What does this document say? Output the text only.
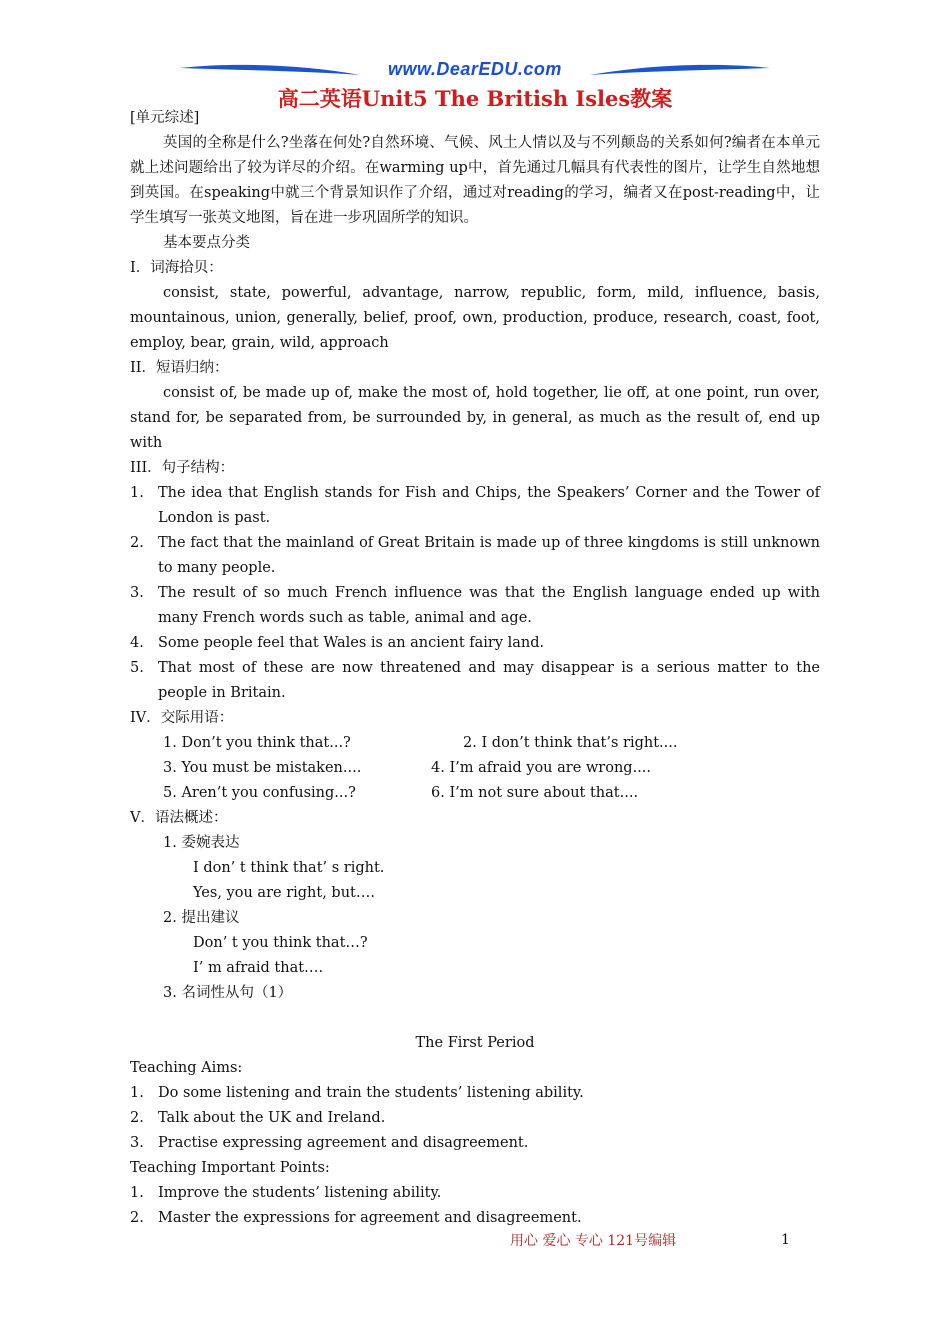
www.DearEDU.com
高二英语Unit5 The British Isles教案

[单元综述]

英国的全称是什么?坐落在何处?自然环境、气候、风土人情以及与不列颠岛的关系如何?编者在本单元就上述问题给出了较为详尽的介绍。在warming up中，首先通过几幅具有代表性的图片，让学生自然地想到英国。在speaking中就三个背景知识作了介绍，通过对reading的学习，编者又在post-reading中，让学生填写一张英文地图，旨在进一步巩固所学的知识。

基本要点分类

I．词海拾贝：

consist, state, powerful, advantage, narrow, republic, form, mild, influence, basis, mountainous, union, generally, belief, proof, own, production, produce, research, coast, foot, employ, bear, grain, wild, approach

II．短语归纳：

consist of, be made up of, make the most of, hold together, lie off, at one point, run over, stand for, be separated from, be surrounded by, in general, as much as the result of, end up with

III．句子结构：

1. The idea that English stands for Fish and Chips, the Speakers’ Corner and the Tower of London is past.
2. The fact that the mainland of Great Britain is made up of three kingdoms is still unknown to many people.
3. The result of so much French influence was that the English language ended up with many French words such as table, animal and age.
4. Some people feel that Wales is an ancient fairy land.
5. That most of these are now threatened and may disappear is a serious matter to the people in Britain.

IV．交际用语：

1. Don’t you think that...?	2. I don’t think that’s right....
3. You must be mistaken....	4. I’m afraid you are wrong....
5. Aren’t you confusing...?	6. I’m not sure about that....

V．语法概述：

1. 委婉表达

I don’ t think that’ s right.

Yes, you are right, but….

2. 提出建议

Don’ t you think that…?

I’ m afraid that….

3. 名词性从句（1）

The First Period

Teaching Aims:

1. Do some listening and train the students’ listening ability.
2. Talk about the UK and Ireland.
3. Practise expressing agreement and disagreement.

Teaching Important Points:

1. Improve the students’ listening ability.
2. Master the expressions for agreement and disagreement.
用心 爱心 专心 121号编辑	1
